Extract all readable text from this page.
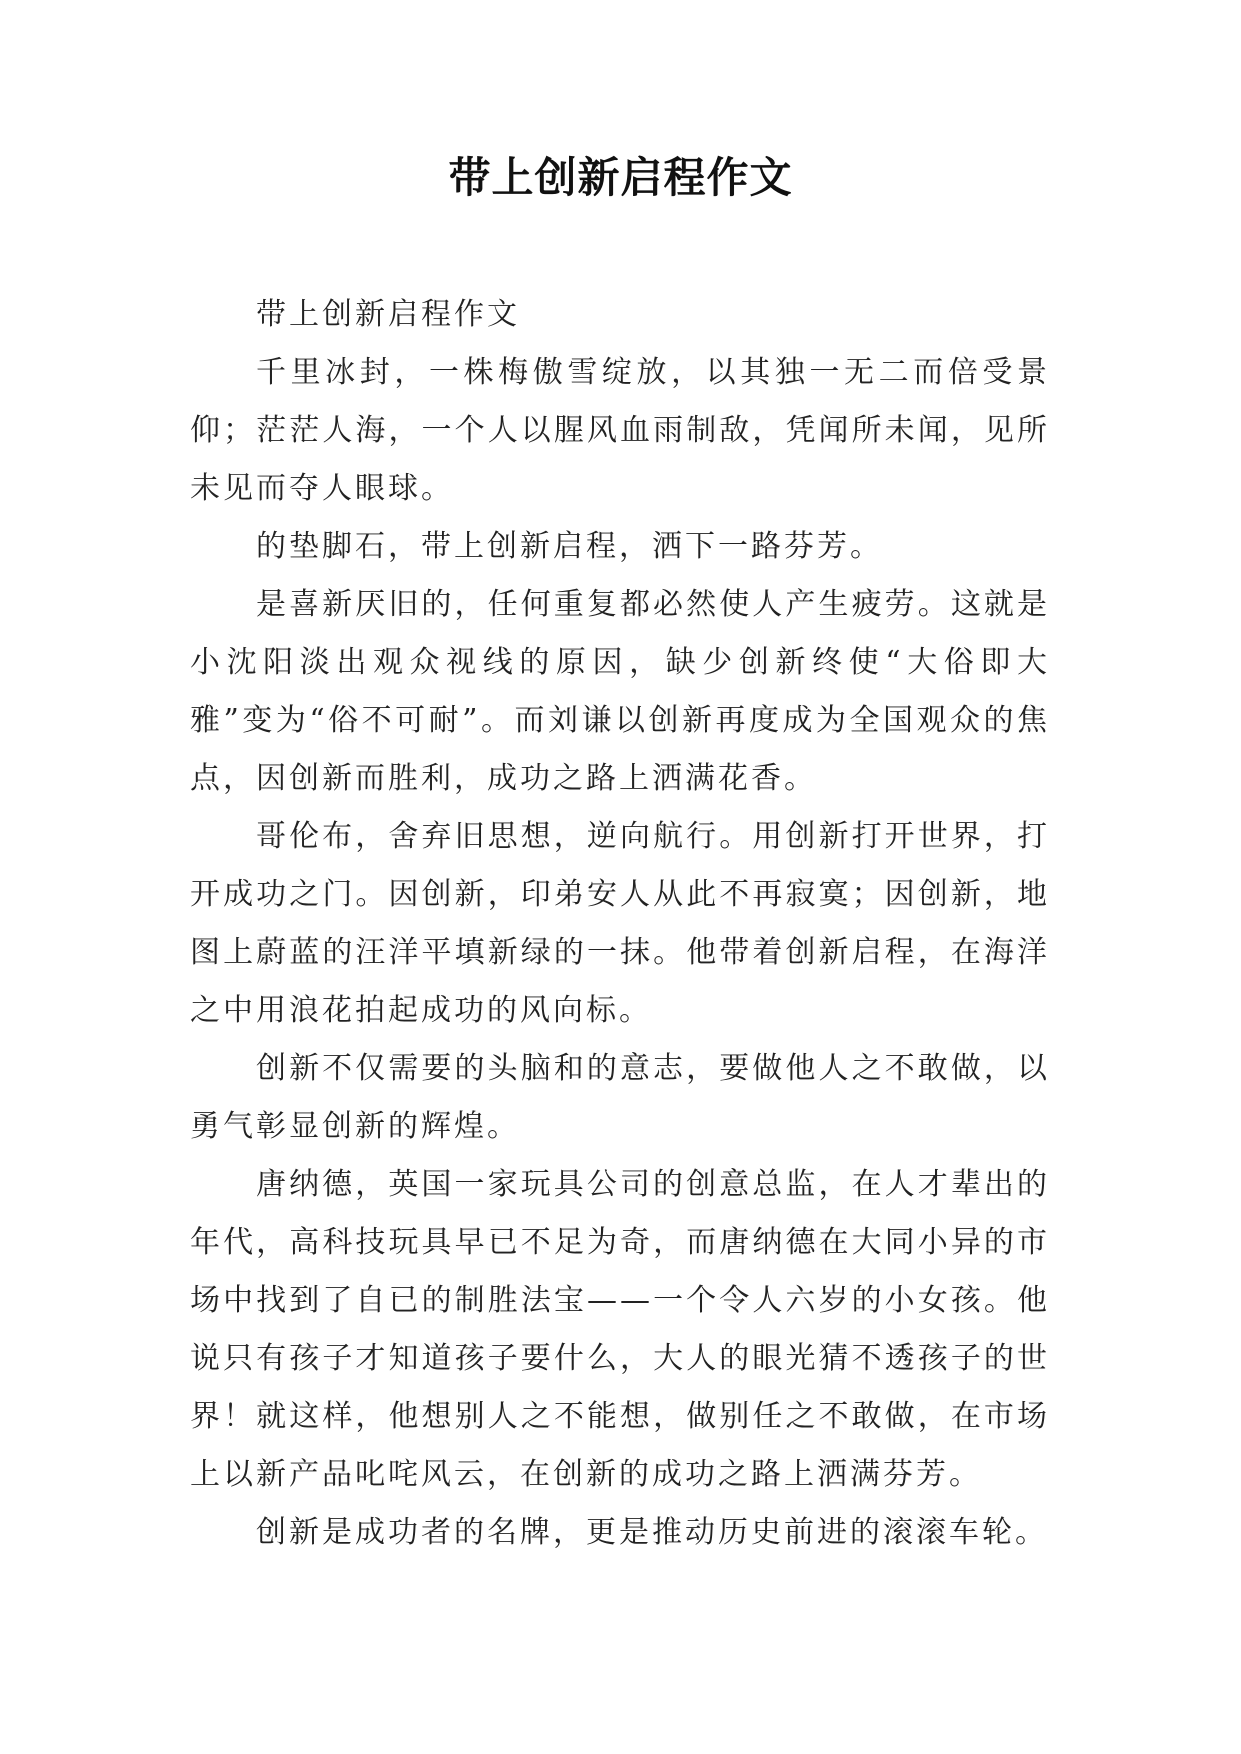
带上创新启程作文

带上创新启程作文

千里冰封，一株梅傲雪绽放，以其独一无二而倍受景仰；茫茫人海，一个人以腥风血雨制敌，凭闻所未闻，见所未见而夺人眼球。

的垫脚石，带上创新启程，洒下一路芬芳。

是喜新厌旧的，任何重复都必然使人产生疲劳。这就是小沈阳淡出观众视线的原因，缺少创新终使“大俗即大雅”变为“俗不可耐”。而刘谦以创新再度成为全国观众的焦点，因创新而胜利，成功之路上洒满花香。

哥伦布，舍弃旧思想，逆向航行。用创新打开世界，打开成功之门。因创新，印弟安人从此不再寂寞；因创新，地图上蔚蓝的汪洋平填新绿的一抹。他带着创新启程，在海洋之中用浪花拍起成功的风向标。

创新不仅需要的头脑和的意志，要做他人之不敢做，以勇气彰显创新的辉煌。

唐纳德，英国一家玩具公司的创意总监，在人才辈出的年代，高科技玩具早已不足为奇，而唐纳德在大同小异的市场中找到了自已的制胜法宝——一个令人六岁的小女孩。他说只有孩子才知道孩子要什么，大人的眼光猜不透孩子的世界！就这样，他想别人之不能想，做别任之不敢做，在市场上以新产品叱咤风云，在创新的成功之路上洒满芬芳。

创新是成功者的名牌，更是推动历史前进的滚滚车轮。
